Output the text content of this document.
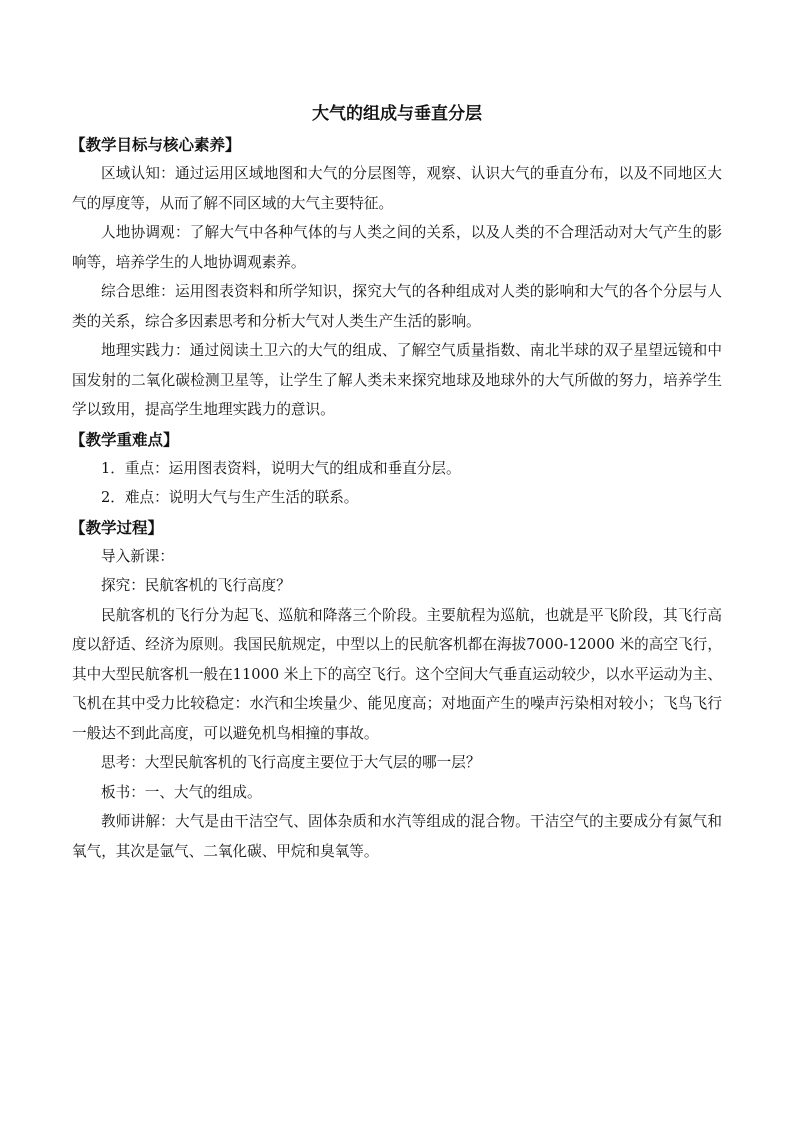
大气的组成与垂直分层
【教学目标与核心素养】

区域认知：通过运用区域地图和大气的分层图等，观察、认识大气的垂直分布，以及不同地区大气的厚度等，从而了解不同区域的大气主要特征。

人地协调观：了解大气中各种气体的与人类之间的关系，以及人类的不合理活动对大气产生的影响等，培养学生的人地协调观素养。

综合思维：运用图表资料和所学知识，探究大气的各种组成对人类的影响和大气的各个分层与人类的关系，综合多因素思考和分析大气对人类生产生活的影响。

地理实践力：通过阅读土卫六的大气的组成、了解空气质量指数、南北半球的双子星望远镜和中国发射的二氧化碳检测卫星等，让学生了解人类未来探究地球及地球外的大气所做的努力，培养学生学以致用，提高学生地理实践力的意识。

【教学重难点】

1．重点：运用图表资料，说明大气的组成和垂直分层。

2．难点：说明大气与生产生活的联系。

【教学过程】

导入新课：

探究：民航客机的飞行高度？

民航客机的飞行分为起飞、巡航和降落三个阶段。主要航程为巡航，也就是平飞阶段，其飞行高度以舒适、经济为原则。我国民航规定，中型以上的民航客机都在海拔7000-12000 米的高空飞行，其中大型民航客机一般在11000 米上下的高空飞行。这个空间大气垂直运动较少，以水平运动为主、飞机在其中受力比较稳定：水汽和尘埃量少、能见度高；对地面产生的噪声污染相对较小；飞鸟飞行一般达不到此高度，可以避免机鸟相撞的事故。

思考：大型民航客机的飞行高度主要位于大气层的哪一层？

板书：一、大气的组成。

教师讲解：大气是由干洁空气、固体杂质和水汽等组成的混合物。干洁空气的主要成分有氮气和氧气，其次是氩气、二氧化碳、甲烷和臭氧等。
